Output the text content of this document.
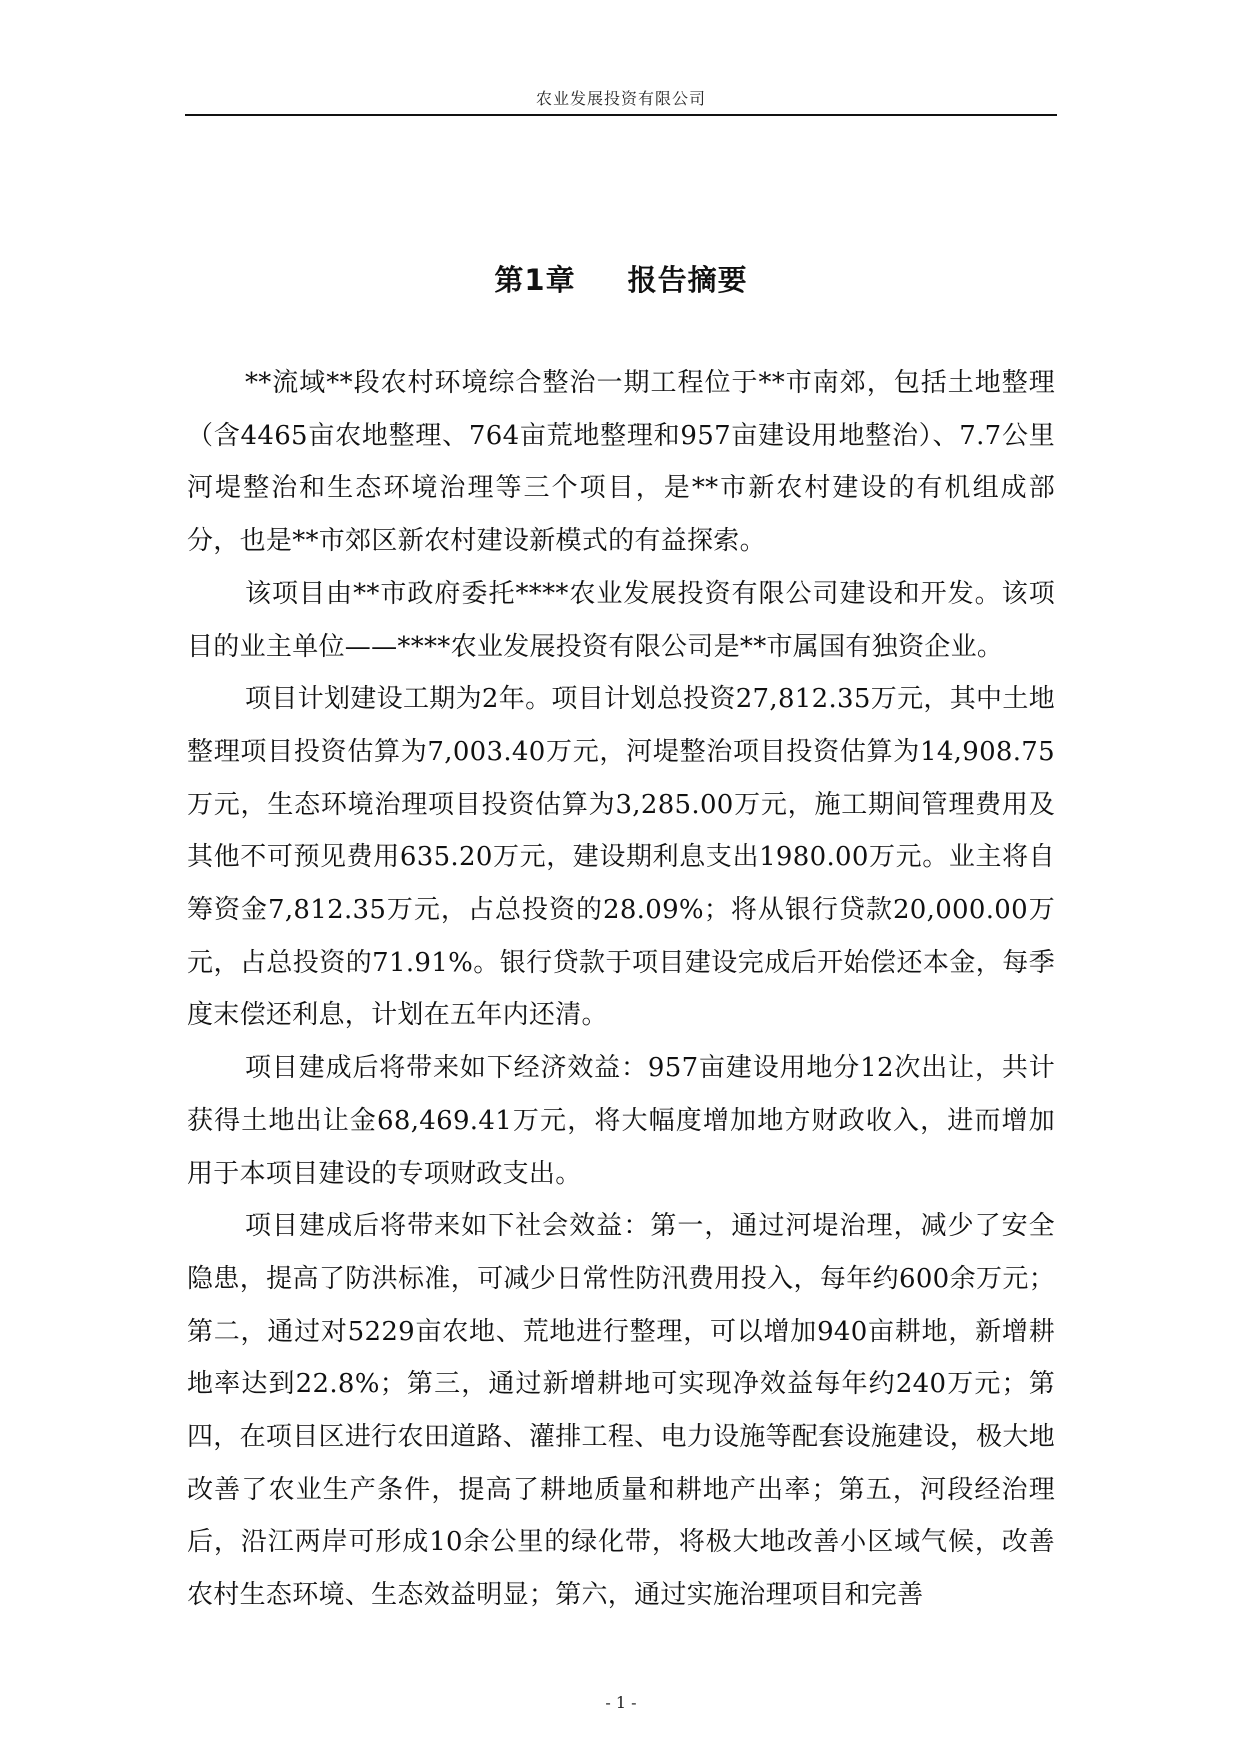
农业发展投资有限公司
第1章 报告摘要

**流域**段农村环境综合整治一期工程位于**市南郊，包括土地整理（含4465亩农地整理、764亩荒地整理和957亩建设用地整治）、7.7公里河堤整治和生态环境治理等三个项目，是**市新农村建设的有机组成部分，也是**市郊区新农村建设新模式的有益探索。

该项目由**市政府委托****农业发展投资有限公司建设和开发。该项目的业主单位——****农业发展投资有限公司是**市属国有独资企业。

项目计划建设工期为2年。项目计划总投资27,812.35万元，其中土地整理项目投资估算为7,003.40万元，河堤整治项目投资估算为14,908.75万元，生态环境治理项目投资估算为3,285.00万元，施工期间管理费用及其他不可预见费用635.20万元，建设期利息支出1980.00万元。业主将自筹资金7,812.35万元，占总投资的28.09%；将从银行贷款20,000.00万元，占总投资的71.91%。银行贷款于项目建设完成后开始偿还本金，每季度末偿还利息，计划在五年内还清。

项目建成后将带来如下经济效益：957亩建设用地分12次出让，共计获得土地出让金68,469.41万元，将大幅度增加地方财政收入，进而增加用于本项目建设的专项财政支出。

项目建成后将带来如下社会效益：第一，通过河堤治理，减少了安全隐患，提高了防洪标准，可减少日常性防汛费用投入，每年约600余万元；第二，通过对5229亩农地、荒地进行整理，可以增加940亩耕地，新增耕地率达到22.8%；第三，通过新增耕地可实现净效益每年约240万元；第四，在项目区进行农田道路、灌排工程、电力设施等配套设施建设，极大地改善了农业生产条件，提高了耕地质量和耕地产出率；第五，河段经治理后，沿江两岸可形成10余公里的绿化带，将极大地改善小区域气候，改善农村生态环境、生态效益明显；第六，通过实施治理项目和完善

- 1 -
